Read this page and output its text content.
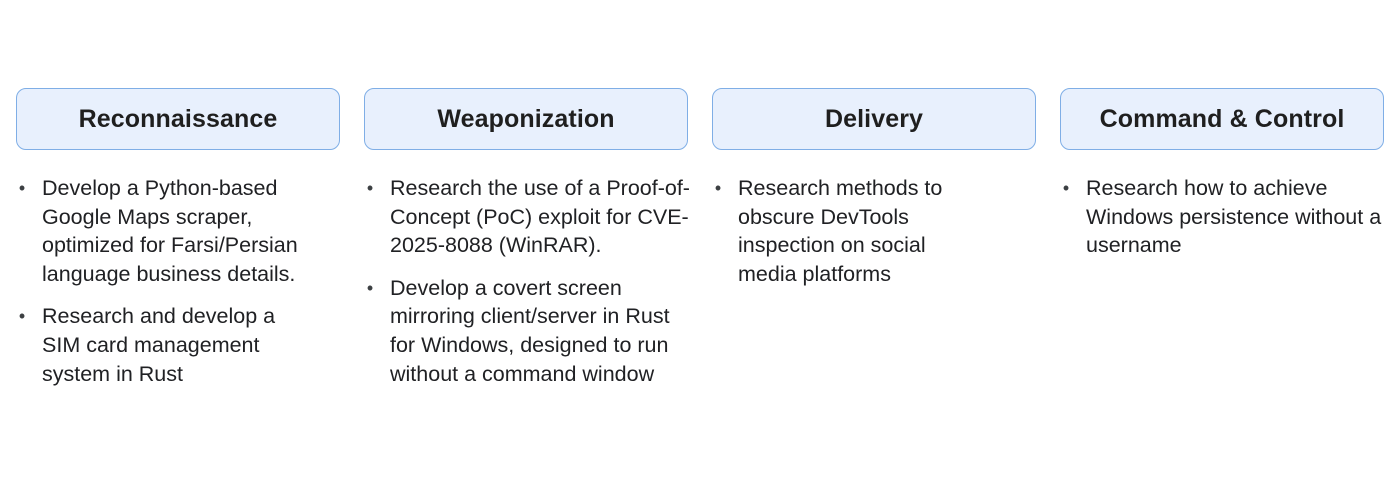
Reconnaissance
• Develop a Python-based Google Maps scraper, optimized for Farsi/Persian language business details.
• Research and develop a SIM card management system in Rust
Weaponization
• Research the use of a Proof-of-Concept (PoC) exploit for CVE-2025-8088 (WinRAR).
• Develop a covert screen mirroring client/server in Rust for Windows, designed to run without a command window
Delivery
• Research methods to obscure DevTools inspection on social media platforms
Command & Control
• Research how to achieve Windows persistence without a username
